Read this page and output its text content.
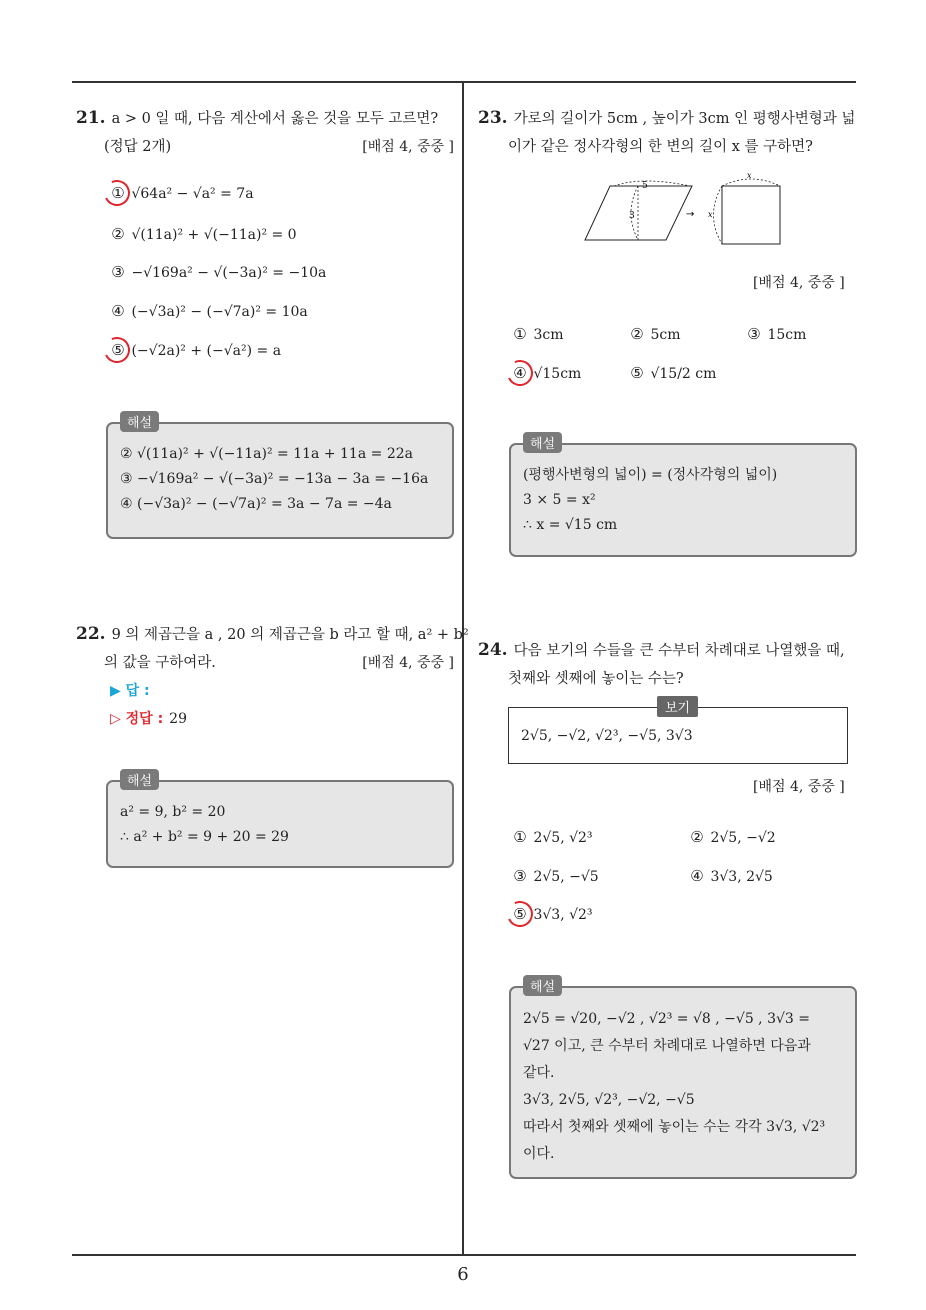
21. a > 0 일 때, 다음 계산에서 옳은 것을 모두 고르면?
(정답 2개)	[배점 4, 중중 ]
① √64a² − √a² = 7a
② √(11a)² + √(−11a)² = 0
③ −√169a² − √(−3a)² = −10a
④ (−√3a)² − (−√7a)² = 10a
⑤ (−√2a)² + (−√a²) = a
해설
② √(11a)² + √(−11a)² = 11a + 11a = 22a
③ −√169a² − √(−3a)² = −13a − 3a = −16a
④ (−√3a)² − (−√7a)² = 3a − 7a = −4a
22. 9 의 제곱근을 a , 20 의 제곱근을 b 라고 할 때, a² + b²
의 값을 구하여라.	[배점 4, 중중 ]
▶ 답 :
▷ 정답 : 29
해설
a² = 9, b² = 20
∴ a² + b² = 9 + 20 = 29
23. 가로의 길이가 5cm , 높이가 3cm 인 평행사변형과 넓
이가 같은 정사각형의 한 변의 길이 x 를 구하면?
5
3	→
x
x
[배점 4, 중중 ]
① 3cm	② 5cm	③ 15cm
④ √15cm	⑤ √15/2 cm
해설
(평행사변형의 넓이) = (정사각형의 넓이)
3 × 5 = x²
∴ x = √15 cm
24. 다음 보기의 수들을 큰 수부터 차례대로 나열했을 때,
첫째와 셋째에 놓이는 수는?
보기
2√5, −√2, √2³, −√5, 3√3
[배점 4, 중중 ]
① 2√5, √2³	② 2√5, −√2
③ 2√5, −√5	④ 3√3, 2√5
⑤ 3√3, √2³
해설
2√5 = √20, −√2 , √2³ = √8 , −√5 , 3√3 =
√27 이고, 큰 수부터 차례대로 나열하면 다음과
같다.
3√3, 2√5, √2³, −√2, −√5
따라서 첫째와 셋째에 놓이는 수는 각각 3√3, √2³
이다.
6
